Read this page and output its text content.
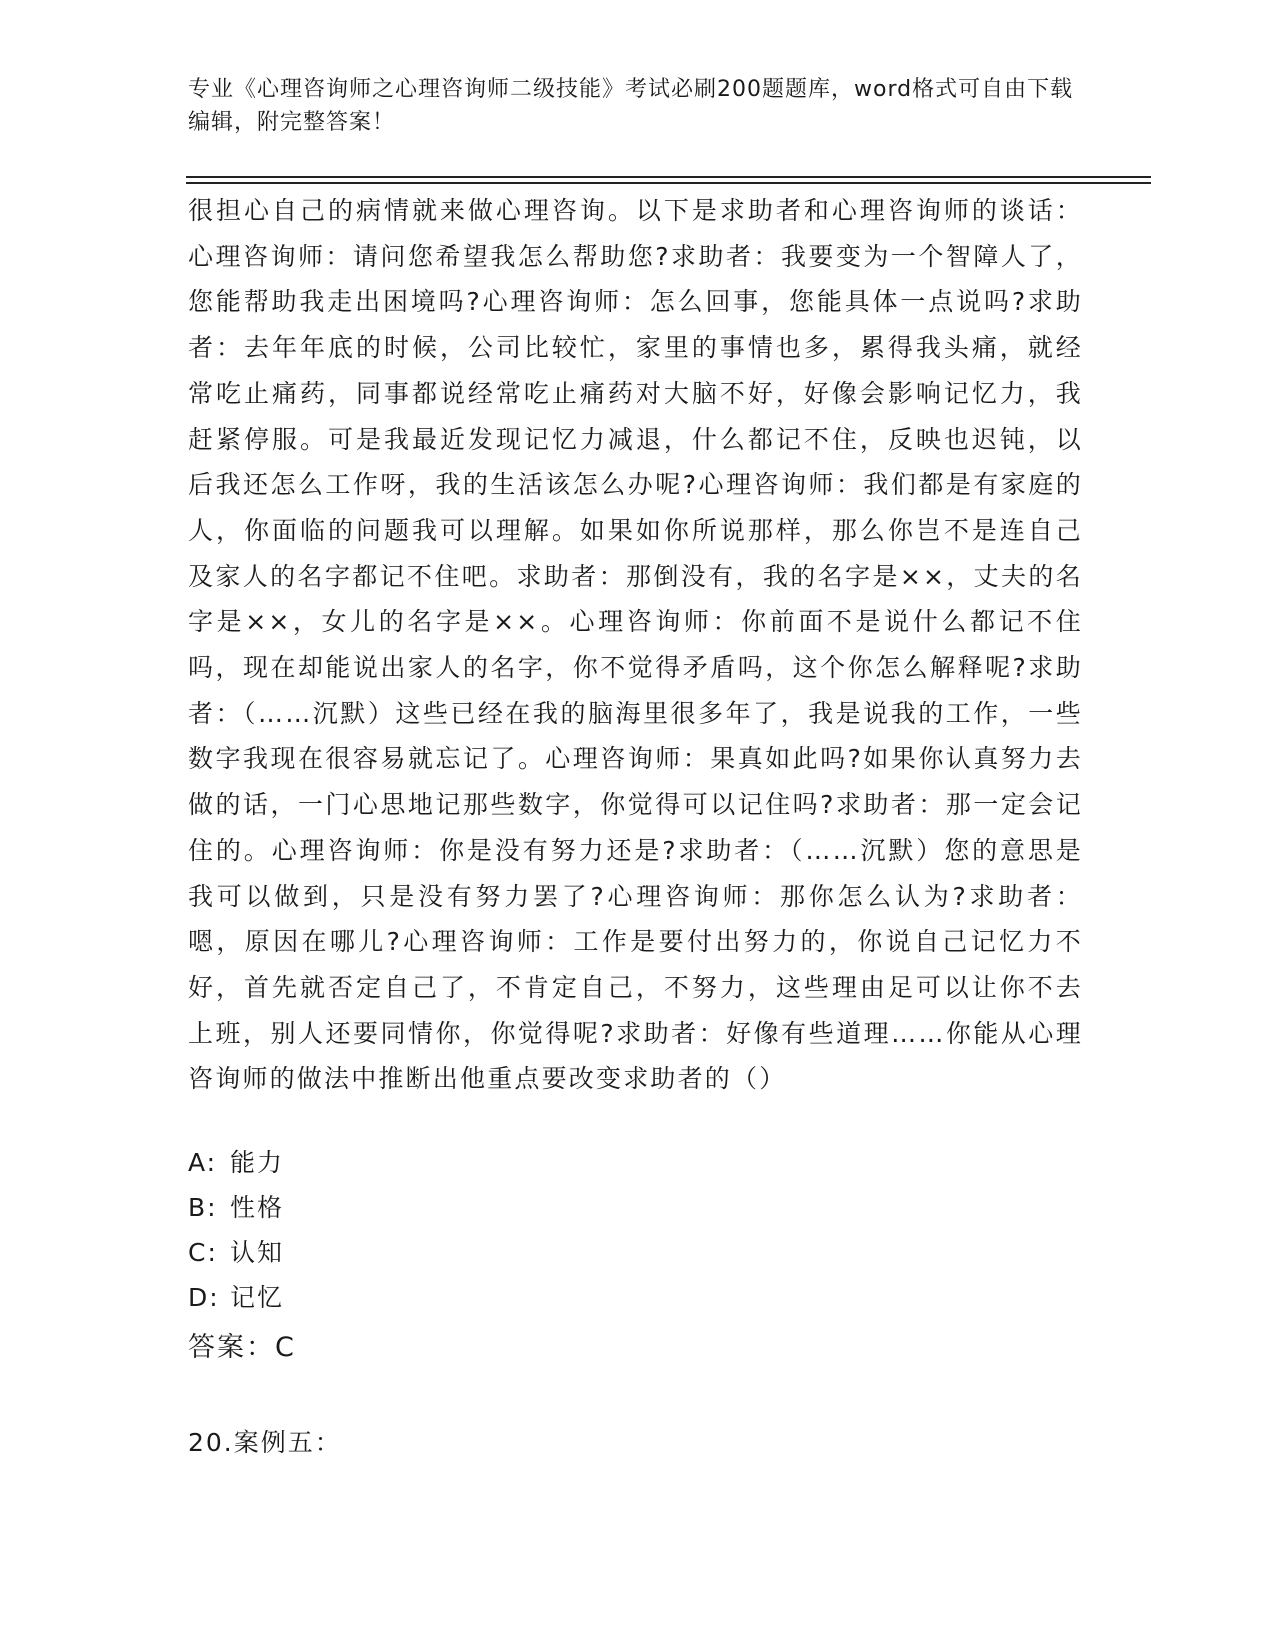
专业《心理咨询师之心理咨询师二级技能》考试必刷200题题库，word格式可自由下载编辑，附完整答案！
很担心自己的病情就来做心理咨询。以下是求助者和心理咨询师的谈话：心理咨询师：请问您希望我怎么帮助您?求助者：我要变为一个智障人了，您能帮助我走出困境吗?心理咨询师：怎么回事，您能具体一点说吗?求助者：去年年底的时候，公司比较忙，家里的事情也多，累得我头痛，就经常吃止痛药，同事都说经常吃止痛药对大脑不好，好像会影响记忆力，我赶紧停服。可是我最近发现记忆力减退，什么都记不住，反映也迟钝，以后我还怎么工作呀，我的生活该怎么办呢?心理咨询师：我们都是有家庭的人，你面临的问题我可以理解。如果如你所说那样，那么你岂不是连自己及家人的名字都记不住吧。求助者：那倒没有，我的名字是××，丈夫的名字是××，女儿的名字是××。心理咨询师：你前面不是说什么都记不住吗，现在却能说出家人的名字，你不觉得矛盾吗，这个你怎么解释呢?求助者：（……沉默）这些已经在我的脑海里很多年了，我是说我的工作，一些数字我现在很容易就忘记了。心理咨询师：果真如此吗?如果你认真努力去做的话，一门心思地记那些数字，你觉得可以记住吗?求助者：那一定会记住的。心理咨询师：你是没有努力还是?求助者：（……沉默）您的意思是我可以做到，只是没有努力罢了?心理咨询师：那你怎么认为?求助者：嗯，原因在哪儿?心理咨询师：工作是要付出努力的，你说自己记忆力不好，首先就否定自己了，不肯定自己，不努力，这些理由足可以让你不去上班，别人还要同情你，你觉得呢?求助者：好像有些道理……你能从心理咨询师的做法中推断出他重点要改变求助者的（）
A: 能力
B: 性格
C: 认知
D: 记忆
答案：C
20.案例五：
